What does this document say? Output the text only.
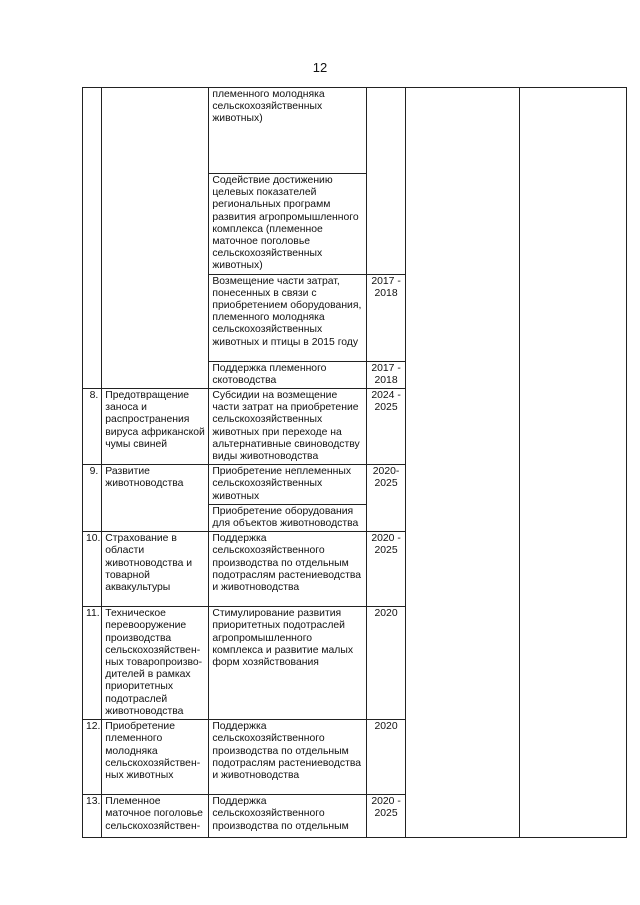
12
		племенного молодняка сельскохозяйственных животных)			
		Содействие достижению целевых показателей региональных программ развития агропромышленного комплекса (племенное маточное поголовье сельскохозяйственных животных)			
		Возмещение части затрат, понесенных в связи с приобретением оборудования, племенного молодняка сельскохозяйственных животных и птицы в 2015 году	2017 - 2018		
		Поддержка племенного скотоводства	2017 - 2018		
8.	Предотвращение заноса и распространения вируса африканской чумы свиней	Субсидии на возмещение части затрат на приобретение сельскохозяйственных животных при переходе на альтернативные свиноводству виды животноводства	2024 - 2025		
9.	Развитие животноводства	Приобретение неплеменных сельскохозяйственных животных	2020- 2025		
		Приобретение оборудования для объектов животноводства			
10.	Страхование в области животноводства и товарной аквакультуры	Поддержка сельскохозяйственного производства по отдельным подотраслям растениеводства и животноводства	2020 - 2025		
11.	Техническое перевооружение производства сельскохозяйствен-ных товаропроизво-дителей в рамках приоритетных подотраслей животноводства	Стимулирование развития приоритетных подотраслей агропромышленного комплекса и развитие малых форм хозяйствования	2020		
12.	Приобретение племенного молодняка сельскохозяйствен-ных животных	Поддержка сельскохозяйственного производства по отдельным подотраслям растениеводства и животноводства	2020		
13.	Племенное маточное поголовье сельскохозяйствен-	Поддержка сельскохозяйственного производства по отдельным	2020 - 2025		
